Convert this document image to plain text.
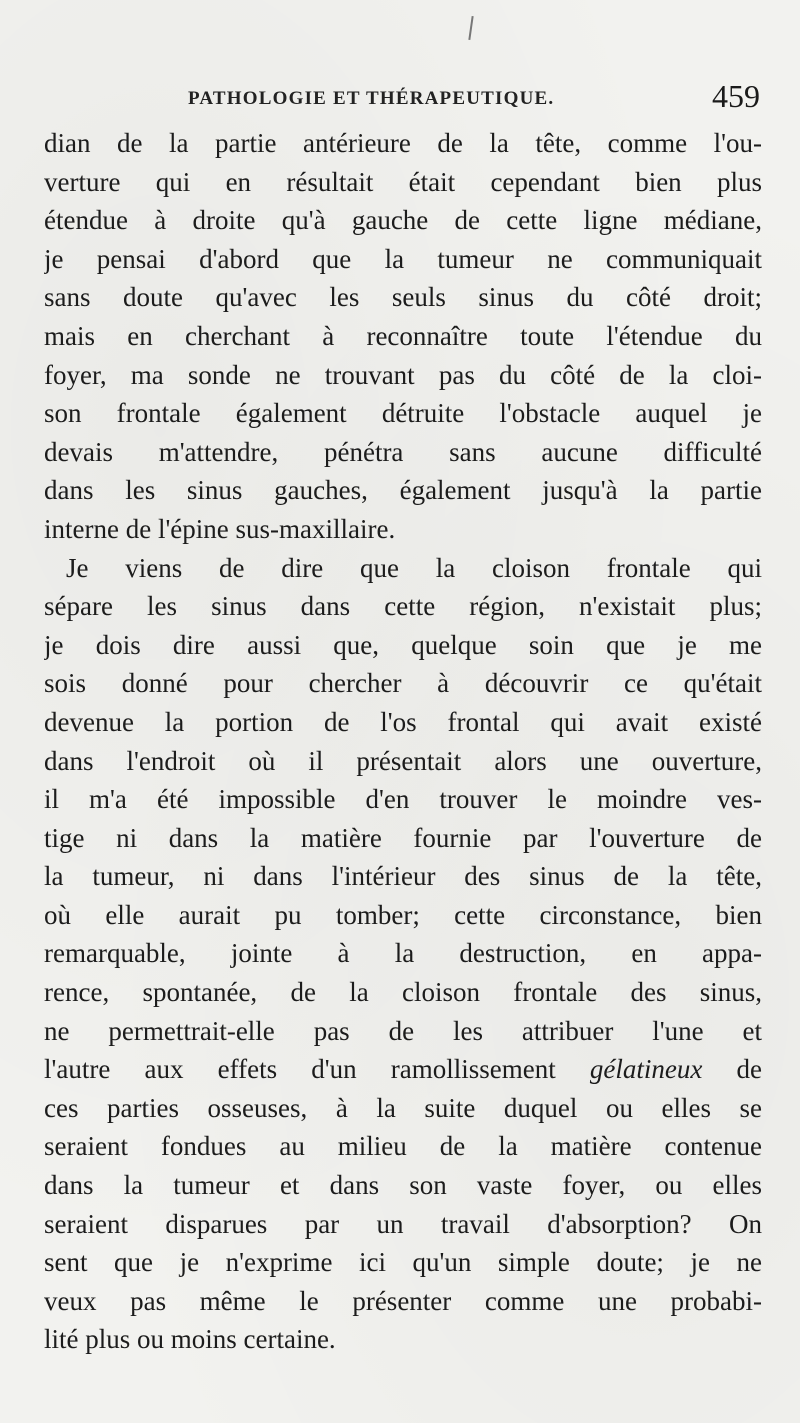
PATHOLOGIE ET THÉRAPEUTIQUE.	459
dian de la partie antérieure de la tête, comme l'ou-
verture qui en résultait était cependant bien plus
étendue à droite qu'à gauche de cette ligne médiane,
je pensai d'abord que la tumeur ne communiquait
sans doute qu'avec les seuls sinus du côté droit;
mais en cherchant à reconnaître toute l'étendue du
foyer, ma sonde ne trouvant pas du côté de la cloi-
son frontale également détruite l'obstacle auquel je
devais m'attendre, pénétra sans aucune difficulté
dans les sinus gauches, également jusqu'à la partie
interne de l'épine sus-maxillaire.
Je viens de dire que la cloison frontale qui
sépare les sinus dans cette région, n'existait plus;
je dois dire aussi que, quelque soin que je me
sois donné pour chercher à découvrir ce qu'était
devenue la portion de l'os frontal qui avait existé
dans l'endroit où il présentait alors une ouverture,
il m'a été impossible d'en trouver le moindre ves-
tige ni dans la matière fournie par l'ouverture de
la tumeur, ni dans l'intérieur des sinus de la tête,
où elle aurait pu tomber; cette circonstance, bien
remarquable, jointe à la destruction, en appa-
rence, spontanée, de la cloison frontale des sinus,
ne permettrait-elle pas de les attribuer l'une et
l'autre aux effets d'un ramollissement gélatineux de
ces parties osseuses, à la suite duquel ou elles se
seraient fondues au milieu de la matière contenue
dans la tumeur et dans son vaste foyer, ou elles
seraient disparues par un travail d'absorption? On
sent que je n'exprime ici qu'un simple doute; je ne
veux pas même le présenter comme une probabi-
lité plus ou moins certaine.
